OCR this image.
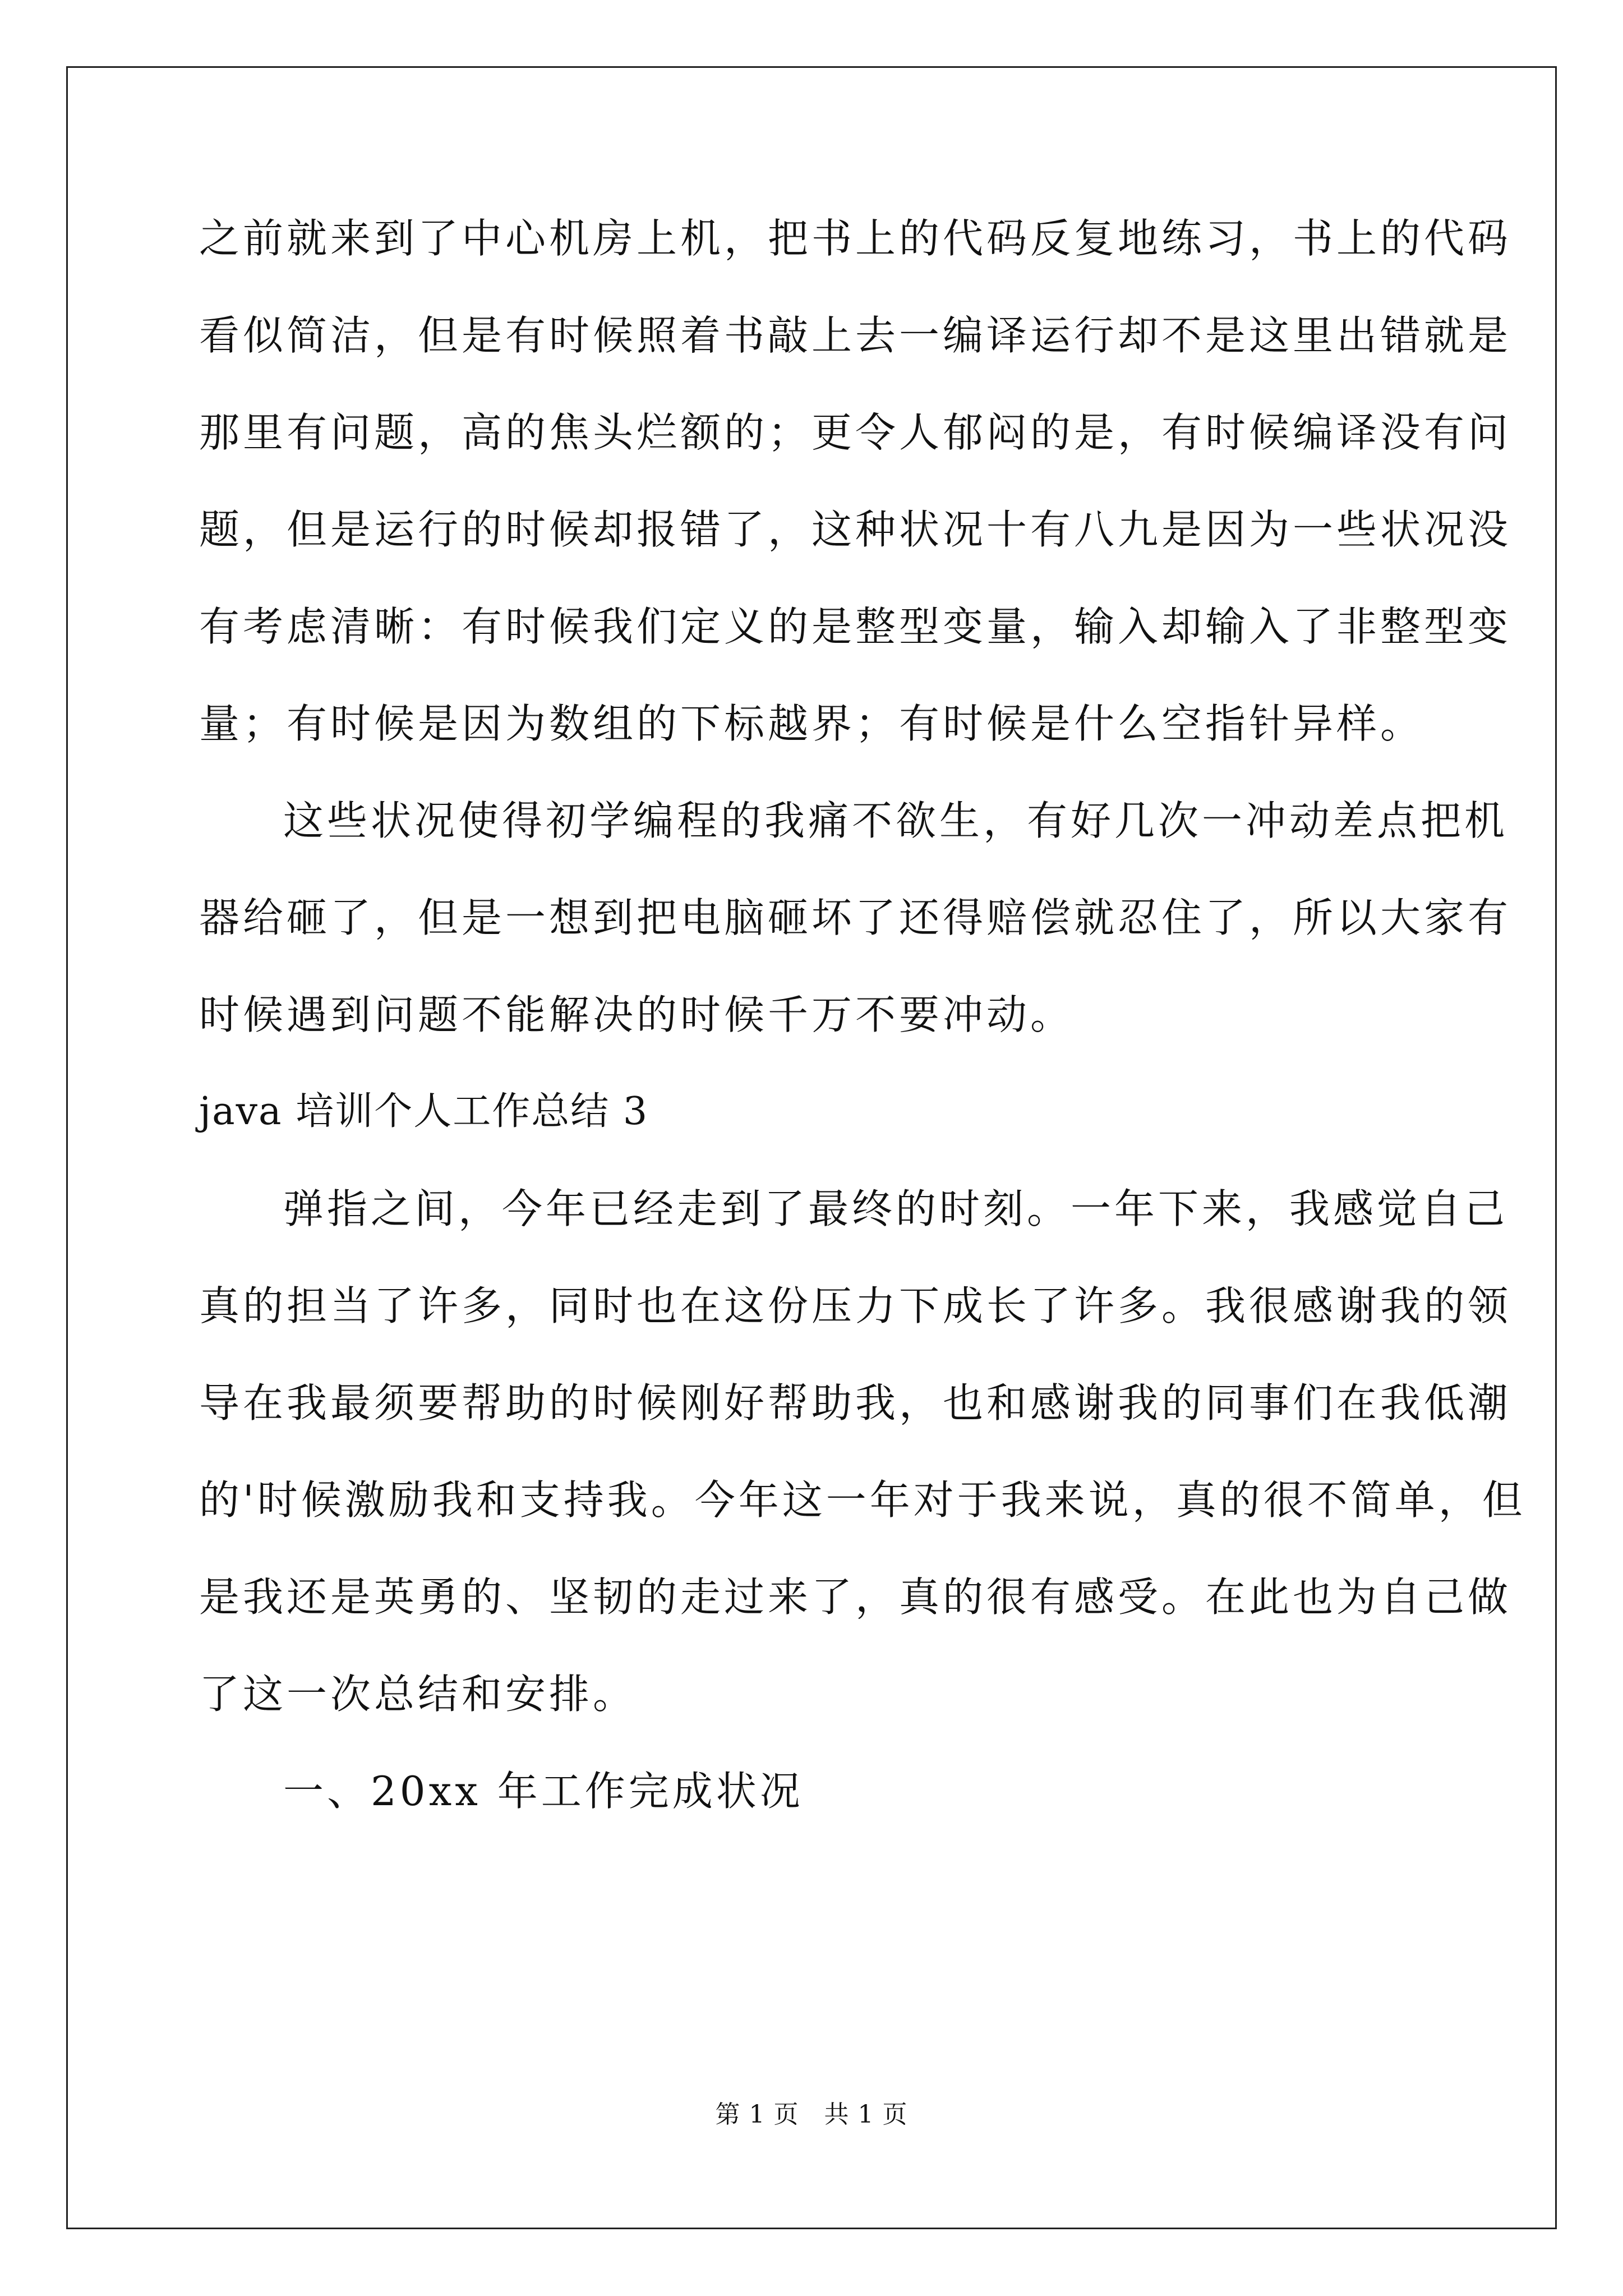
之前就来到了中心机房上机，把书上的代码反复地练习，书上的代码
看似简洁，但是有时候照着书敲上去一编译运行却不是这里出错就是
那里有问题，高的焦头烂额的；更令人郁闷的是，有时候编译没有问
题，但是运行的时候却报错了，这种状况十有八九是因为一些状况没
有考虑清晰：有时候我们定义的是整型变量，输入却输入了非整型变
量；有时候是因为数组的下标越界；有时候是什么空指针异样。
这些状况使得初学编程的我痛不欲生，有好几次一冲动差点把机
器给砸了，但是一想到把电脑砸坏了还得赔偿就忍住了，所以大家有
时候遇到问题不能解决的时候千万不要冲动。
java 培训个人工作总结 3
弹指之间，今年已经走到了最终的时刻。一年下来，我感觉自己
真的担当了许多，同时也在这份压力下成长了许多。我很感谢我的领
导在我最须要帮助的时候刚好帮助我，也和感谢我的同事们在我低潮
的'时候激励我和支持我。今年这一年对于我来说，真的很不简单，但
是我还是英勇的、坚韧的走过来了，真的很有感受。在此也为自己做
了这一次总结和安排。
一、20xx 年工作完成状况
第 1 页　共 1 页
